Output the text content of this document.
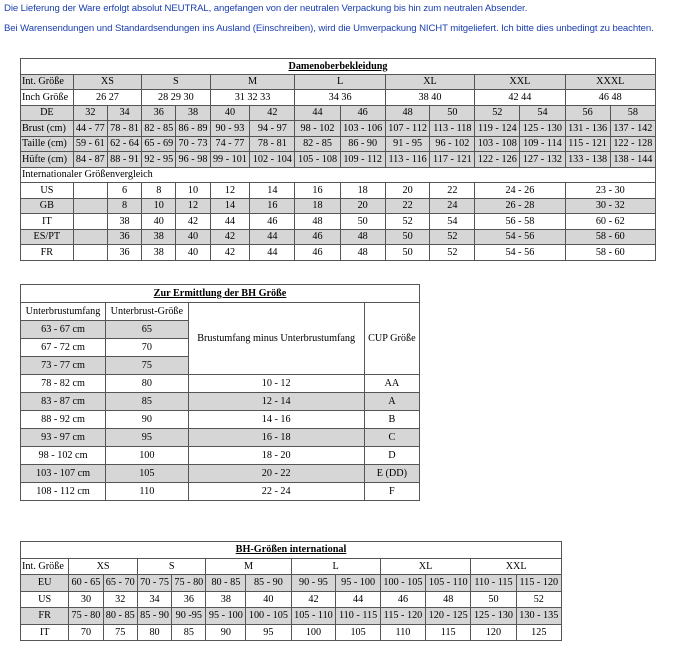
Die Lieferung der Ware erfolgt absolut NEUTRAL, angefangen von der neutralen Verpackung bis hin zum neutralen Absender.
Bei Warensendungen und Standardsendungen ins Ausland (Einschreiben), wird die Umverpackung NICHT mitgeliefert. Ich bitte dies unbedingt zu beachten.
Damenoberbekleidung														
Int. Größe	XS		S		M		L		XL		XXL		XXXL	
Inch Größe	26 27		28 29 30		31 32 33		34 36		38 40		42 44		46 48	
DE	32	34	36	38	40	42	44	46	48	50	52	54	56	58
Brust (cm)	44 - 77	78 - 81	82 - 85	86 - 89	90 - 93	94 - 97	98 - 102	103 - 106	107 - 112	113 - 118	119 - 124	125 - 130	131 - 136	137 - 142
Taille (cm)	59 - 61	62 - 64	65 - 69	70 - 73	74 - 77	78 - 81	82 - 85	86 - 90	91 - 95	96 - 102	103 - 108	109 - 114	115 - 121	122 - 128
Hüfte (cm)	84 - 87	88 - 91	92 - 95	96 - 98	99 - 101	102 - 104	105 - 108	109 - 112	113 - 116	117 - 121	122 - 126	127 - 132	133 - 138	138 - 144
Internationaler Größenvergleich														
US		6	8	10	12	14	16	18	20	22	24 - 26		23 - 30	
GB		8	10	12	14	16	18	20	22	24	26 - 28		30 - 32	
IT		38	40	42	44	46	48	50	52	54	56 - 58		60 - 62	
ES/PT		36	38	40	42	44	46	48	50	52	54 - 56		58 - 60	
FR		36	38	40	42	44	46	48	50	52	54 - 56		58 - 60	
Zur Ermittlung der BH Größe			
Unterbrustumfang	Unterbrust-Größe	Brustumfang minus Unterbrustumfang	CUP Größe
63 - 67 cm	65		
67 - 72 cm	70		
73 - 77 cm	75		
78 - 82 cm	80	10 - 12	AA
83 - 87 cm	85	12 - 14	A
88 - 92 cm	90	14 - 16	B
93 - 97 cm	95	16 - 18	C
98 - 102 cm	100	18 - 20	D
103 - 107 cm	105	20 - 22	E (DD)
108 - 112 cm	110	22 - 24	F
BH-Größen international												
Int. Größe	XS		S		M		L		XL		XXL	
EU	60 - 65	65 - 70	70 - 75	75 - 80	80 - 85	85 - 90	90 - 95	95 - 100	100 - 105	105 - 110	110 - 115	115 - 120
US	30	32	34	36	38	40	42	44	46	48	50	52
FR	75 - 80	80 - 85	85 - 90	90 -95	95 - 100	100 - 105	105 - 110	110 - 115	115 - 120	120 - 125	125 - 130	130 - 135
IT	70	75	80	85	90	95	100	105	110	115	120	125
